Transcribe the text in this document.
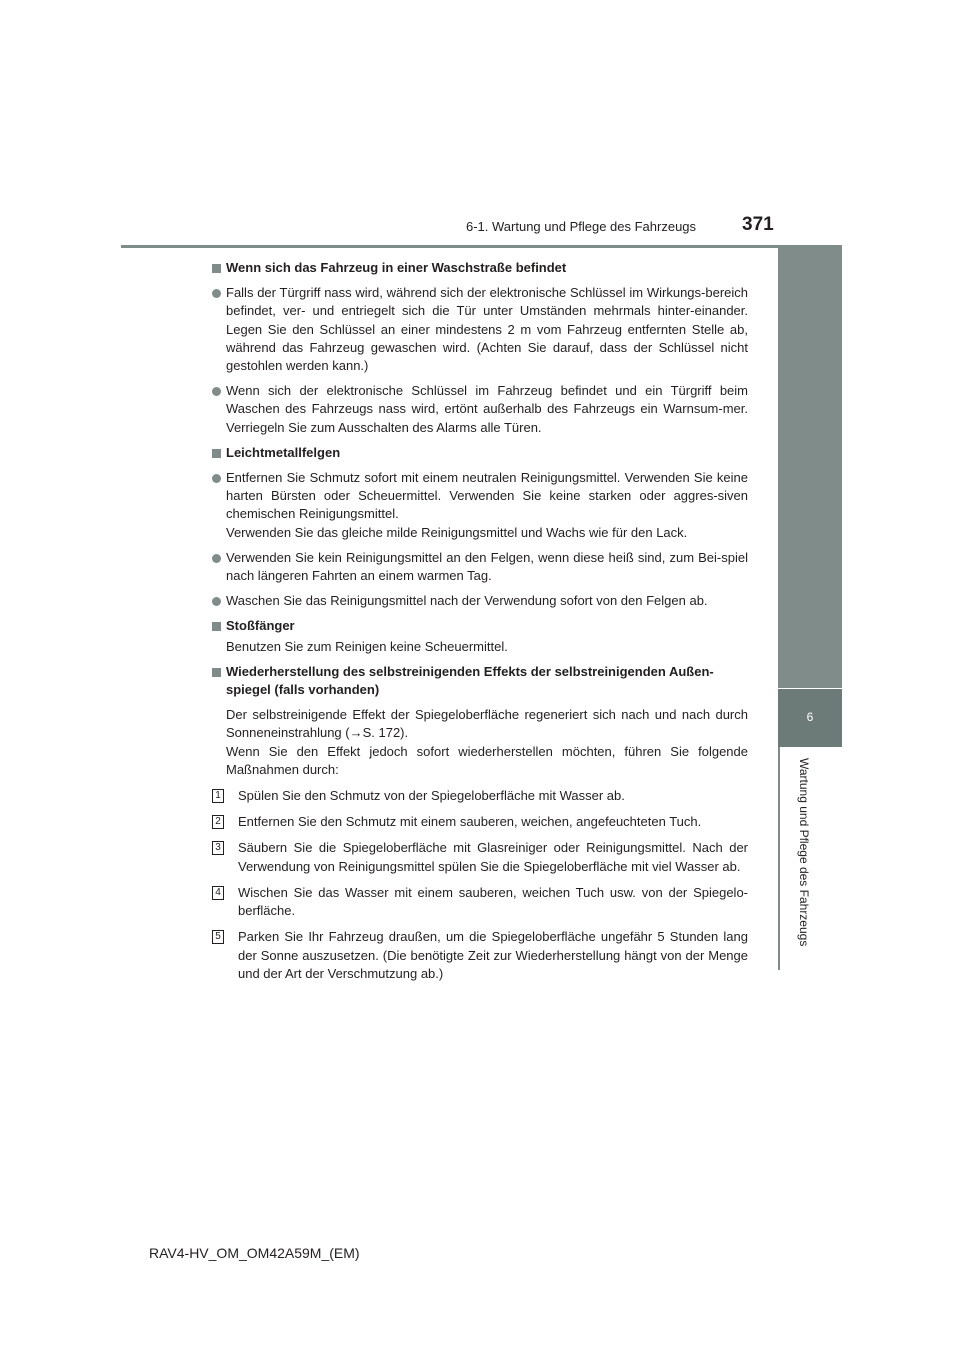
6-1. Wartung und Pflege des Fahrzeugs 371
6
Wartung und Pflege des Fahrzeugs
Wenn sich das Fahrzeug in einer Waschstraße befindet
Falls der Türgriff nass wird, während sich der elektronische Schlüssel im Wirkungs-bereich befindet, ver- und entriegelt sich die Tür unter Umständen mehrmals hinter-einander. Legen Sie den Schlüssel an einer mindestens 2 m vom Fahrzeug entfernten Stelle ab, während das Fahrzeug gewaschen wird. (Achten Sie darauf, dass der Schlüssel nicht gestohlen werden kann.)
Wenn sich der elektronische Schlüssel im Fahrzeug befindet und ein Türgriff beim Waschen des Fahrzeugs nass wird, ertönt außerhalb des Fahrzeugs ein Warnsum-mer. Verriegeln Sie zum Ausschalten des Alarms alle Türen.
Leichtmetallfelgen
Entfernen Sie Schmutz sofort mit einem neutralen Reinigungsmittel. Verwenden Sie keine harten Bürsten oder Scheuermittel. Verwenden Sie keine starken oder aggres-siven chemischen Reinigungsmittel.
Verwenden Sie das gleiche milde Reinigungsmittel und Wachs wie für den Lack.
Verwenden Sie kein Reinigungsmittel an den Felgen, wenn diese heiß sind, zum Bei-spiel nach längeren Fahrten an einem warmen Tag.
Waschen Sie das Reinigungsmittel nach der Verwendung sofort von den Felgen ab.
Stoßfänger
Benutzen Sie zum Reinigen keine Scheuermittel.
Wiederherstellung des selbstreinigenden Effekts der selbstreinigenden Außen-spiegel (falls vorhanden)
Der selbstreinigende Effekt der Spiegeloberfläche regeneriert sich nach und nach durch Sonneneinstrahlung (→S. 172).
Wenn Sie den Effekt jedoch sofort wiederherstellen möchten, führen Sie folgende Maßnahmen durch:
1 Spülen Sie den Schmutz von der Spiegeloberfläche mit Wasser ab.
2 Entfernen Sie den Schmutz mit einem sauberen, weichen, angefeuchteten Tuch.
3 Säubern Sie die Spiegeloberfläche mit Glasreiniger oder Reinigungsmittel. Nach der Verwendung von Reinigungsmittel spülen Sie die Spiegeloberfläche mit viel Wasser ab.
4 Wischen Sie das Wasser mit einem sauberen, weichen Tuch usw. von der Spiegelo-berfläche.
5 Parken Sie Ihr Fahrzeug draußen, um die Spiegeloberfläche ungefähr 5 Stunden lang der Sonne auszusetzen. (Die benötigte Zeit zur Wiederherstellung hängt von der Menge und der Art der Verschmutzung ab.)
RAV4-HV_OM_OM42A59M_(EM)
